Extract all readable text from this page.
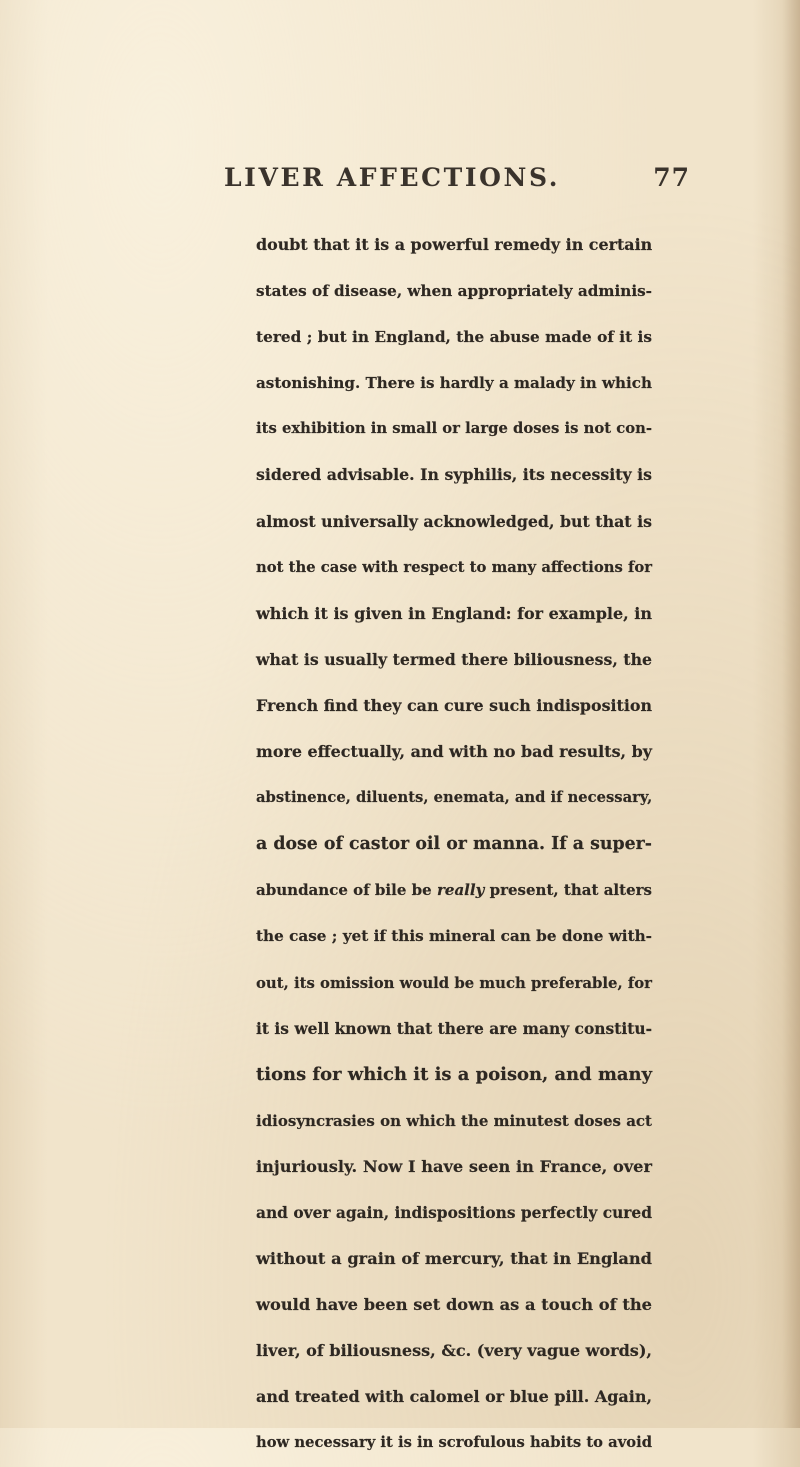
LIVER AFFECTIONS.	77
doubt that it is a powerful remedy in certain
states of disease, when appropriately adminis-
tered ; but in England, the abuse made of it is
astonishing. There is hardly a malady in which
its exhibition in small or large doses is not con-
sidered advisable. In syphilis, its necessity is
almost universally acknowledged, but that is
not the case with respect to many affections for
which it is given in England: for example, in
what is usually termed there biliousness, the
French find they can cure such indisposition
more effectually, and with no bad results, by
abstinence, diluents, enemata, and if necessary,
a dose of castor oil or manna. If a super-
abundance of bile be really present, that alters
the case ; yet if this mineral can be done with-
out, its omission would be much preferable, for
it is well known that there are many constitu-
tions for which it is a poison, and many
idiosyncrasies on which the minutest doses act
injuriously. Now I have seen in France, over
and over again, indispositions perfectly cured
without a grain of mercury, that in England
would have been set down as a touch of the
liver, of biliousness, &c. (very vague words),
and treated with calomel or blue pill. Again,
how necessary it is in scrofulous habits to avoid
